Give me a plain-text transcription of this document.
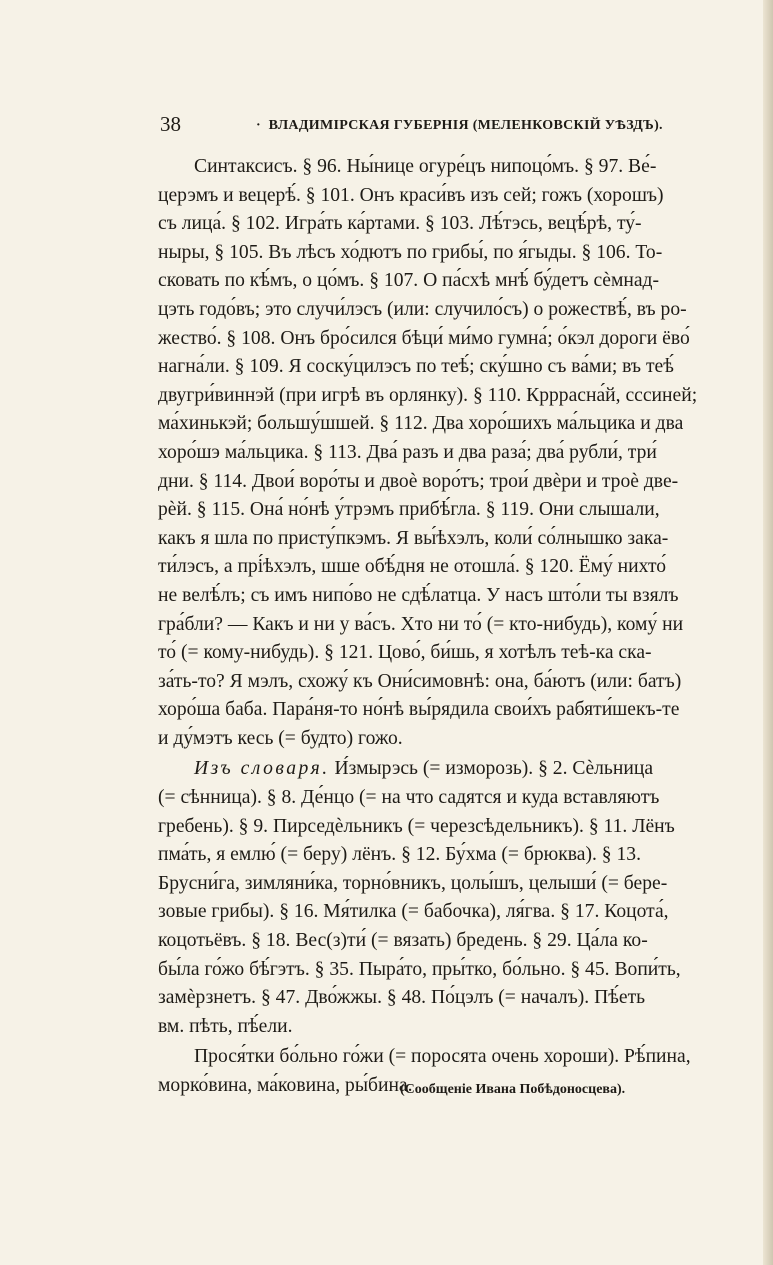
38	· ВЛАДИМІРСКАЯ ГУБЕРНІЯ (МЕЛЕНКОВСКІЙ УѢЗДЪ).

Синтаксисъ. § 96. Ны́нице огуре́цъ нипоцо́мъ. § 97. Ве́-
церэмъ и вецерѣ́. § 101. Онъ краси́въ изъ сей; гожъ (хорошъ)
съ лица́. § 102. Игра́ть ка́ртами. § 103. Лѣ́тэсь, вецѣ́рѣ, ту́-
ныры, § 105. Въ лѣсъ хо́дютъ по грибы́, по я́гыды. § 106. То-
сковать по кѣ́мъ, о цо́мъ. § 107. О па́схѣ мнѣ́ бу́детъ сѐмнад-
цэть годо́въ; это случи́лэсъ (или: случило́съ) о рожествѣ́, въ ро-
жество́. § 108. Онъ бро́сился бѣци́ ми́мо гумна́; о́кэл дороги ёво́
нагна́ли. § 109. Я соску́цилэсъ по теѣ́; ску́шно съ ва́ми; въ теѣ́
двугри́виннэй (при игрѣ въ орлянку). § 110. Крррасна́й, сссиней;
ма́хинькэй; большу́шшей. § 112. Два хоро́шихъ ма́льцика и два
хоро́шэ ма́льцика. § 113. Два́ разъ и два раза́; два́ рубли́, три́
дни. § 114. Двои́ воро́ты и двоѐ воро́тъ; трои́ двѐри и троѐ две-
рѐй. § 115. Она́ но́нѣ у́трэмъ прибѣ́гла. § 119. Они слышали,
какъ я шла по присту́пкэмъ. Я вы́ѣхэлъ, коли́ со́лнышко зака-
ти́лэсъ, а прі́ѣхэлъ, шше обѣ́дня не отошла́. § 120. Ёму́ нихто́
не велѣ́лъ; съ имъ нипо́во не сдѣ́латца. У насъ што́ли ты взялъ
гра́бли? — Какъ и ни у ва́съ. Хто ни то́ (= кто-нибудь), кому́ ни
то́ (= кому-нибудь). § 121. Цово́, би́шь, я хотѣлъ теѣ-ка ска-
за́ть-то? Я мэлъ, схожу́ къ Они́симовнѣ: она, ба́ютъ (или: батъ)
хоро́ша баба. Пара́ня-то но́нѣ вы́рядила свои́хъ рабяти́шекъ-те
и ду́мэтъ кесь (= будто) гожо.

Изъ словаря. И́змырэсь (= изморозь). § 2. Сѐльница
(= сѣнница). § 8. Де́нцо (= на что садятся и куда вставляютъ
гребень). § 9. Пирседѐльникъ (= черезсѣдельникъ). § 11. Лёнъ
пма́ть, я емлю́ (= беру) лёнъ. § 12. Бу́хма (= брюква). § 13.
Брусни́га, зимляни́ка, торно́вникъ, цолы́шъ, целыши́ (= бере-
зовые грибы). § 16. Мя́тилка (= бабочка), ля́гва. § 17. Коцота́,
коцотьёвъ. § 18. Вес(з)ти́ (= вязать) бредень. § 29. Ца́ла ко-
бы́ла го́жо бѣ́гэтъ. § 35. Пыра́то, пры́тко, бо́льно. § 45. Вопи́ть,
замѐрзнетъ. § 47. Дво́жжы. § 48. По́цэлъ (= началъ). Пѣ́еть
вм. пѣть, пѣ́ели.

Прося́тки бо́льно го́жи (= поросята очень хороши). Рѣ́пина,
морко́вина, ма́ковина, ры́бина.

(Сообщеніе Ивана Побѣдоносцева).
